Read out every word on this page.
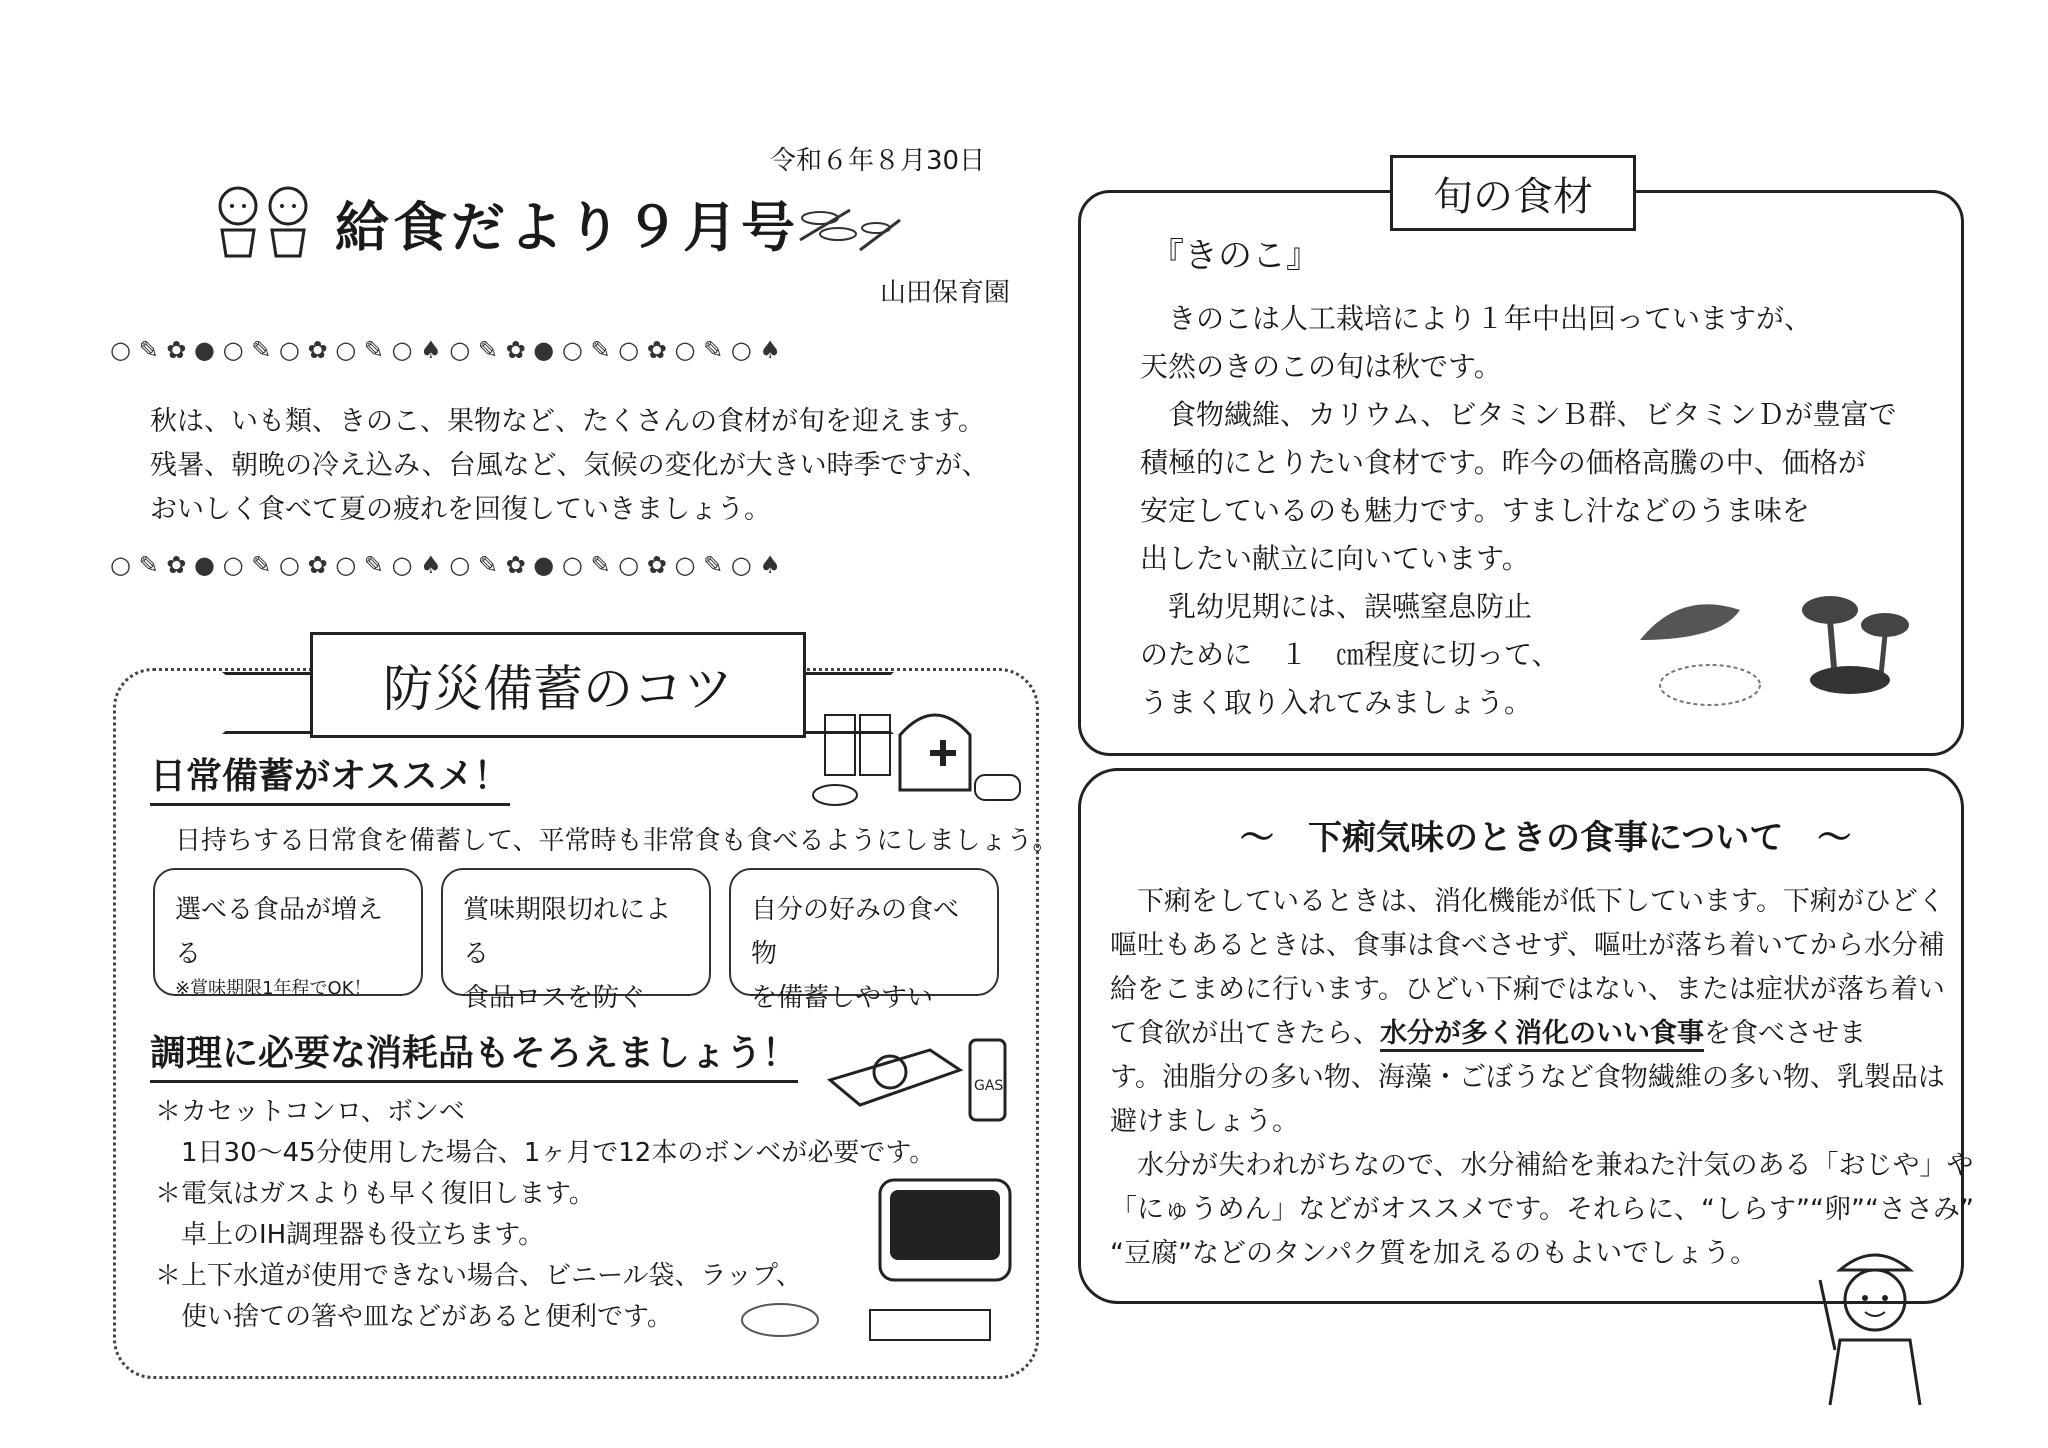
令和６年８月30日
給食だより９月号
山田保育園
○ ✎ ✿ ● ○ ✎ ○ ✿ ○ ✎ ○ ♠ ○ ✎ ✿ ● ○ ✎ ○ ✿ ○ ✎ ○ ♠
秋は、いも類、きのこ、果物など、たくさんの食材が旬を迎えます。残暑、朝晩の冷え込み、台風など、気候の変化が大きい時季ですが、おいしく食べて夏の疲れを回復していきましょう。
○ ✎ ✿ ● ○ ✎ ○ ✿ ○ ✎ ○ ♠ ○ ✎ ✿ ● ○ ✎ ○ ✿ ○ ✎ ○ ♠
防災備蓄のコツ
日常備蓄がオススメ！
日持ちする日常食を備蓄して、平常時も非常食も食べるようにしましょう。
選べる食品が増える
※賞味期限1年程でOK！
賞味期限切れによる
食品ロスを防ぐ
自分の好みの食べ物
を備蓄しやすい
調理に必要な消耗品もそろえましょう！
GAS
＊カセットコンロ、ボンベ
　1日30～45分使用した場合、1ヶ月で12本のボンベが必要です。
＊電気はガスよりも早く復旧します。
　卓上のIH調理器も役立ちます。
＊上下水道が使用できない場合、ビニール袋、ラップ、
　使い捨ての箸や皿などがあると便利です。
旬の食材
『きのこ』
　きのこは人工栽培により１年中出回っていますが、
天然のきのこの旬は秋です。
　食物繊維、カリウム、ビタミンＢ群、ビタミンＤが豊富で
積極的にとりたい食材です。昨今の価格高騰の中、価格が
安定しているのも魅力です。すまし汁などのうま味を
出したい献立に向いています。
　乳幼児期には、誤嚥窒息防止
のために　１　㎝程度に切って、
うまく取り入れてみましょう。
～　下痢気味のときの食事について　～
　下痢をしているときは、消化機能が低下しています。下痢がひどく
嘔吐もあるときは、食事は食べさせず、嘔吐が落ち着いてから水分補
給をこまめに行います。ひどい下痢ではない、または症状が落ち着い
て食欲が出てきたら、水分が多く消化のいい食事を食べさせま
す。油脂分の多い物、海藻・ごぼうなど食物繊維の多い物、乳製品は
避けましょう。
　水分が失われがちなので、水分補給を兼ねた汁気のある「おじや」や
「にゅうめん」などがオススメです。それらに、“しらす”“卵”“ささみ”
“豆腐”などのタンパク質を加えるのもよいでしょう。
